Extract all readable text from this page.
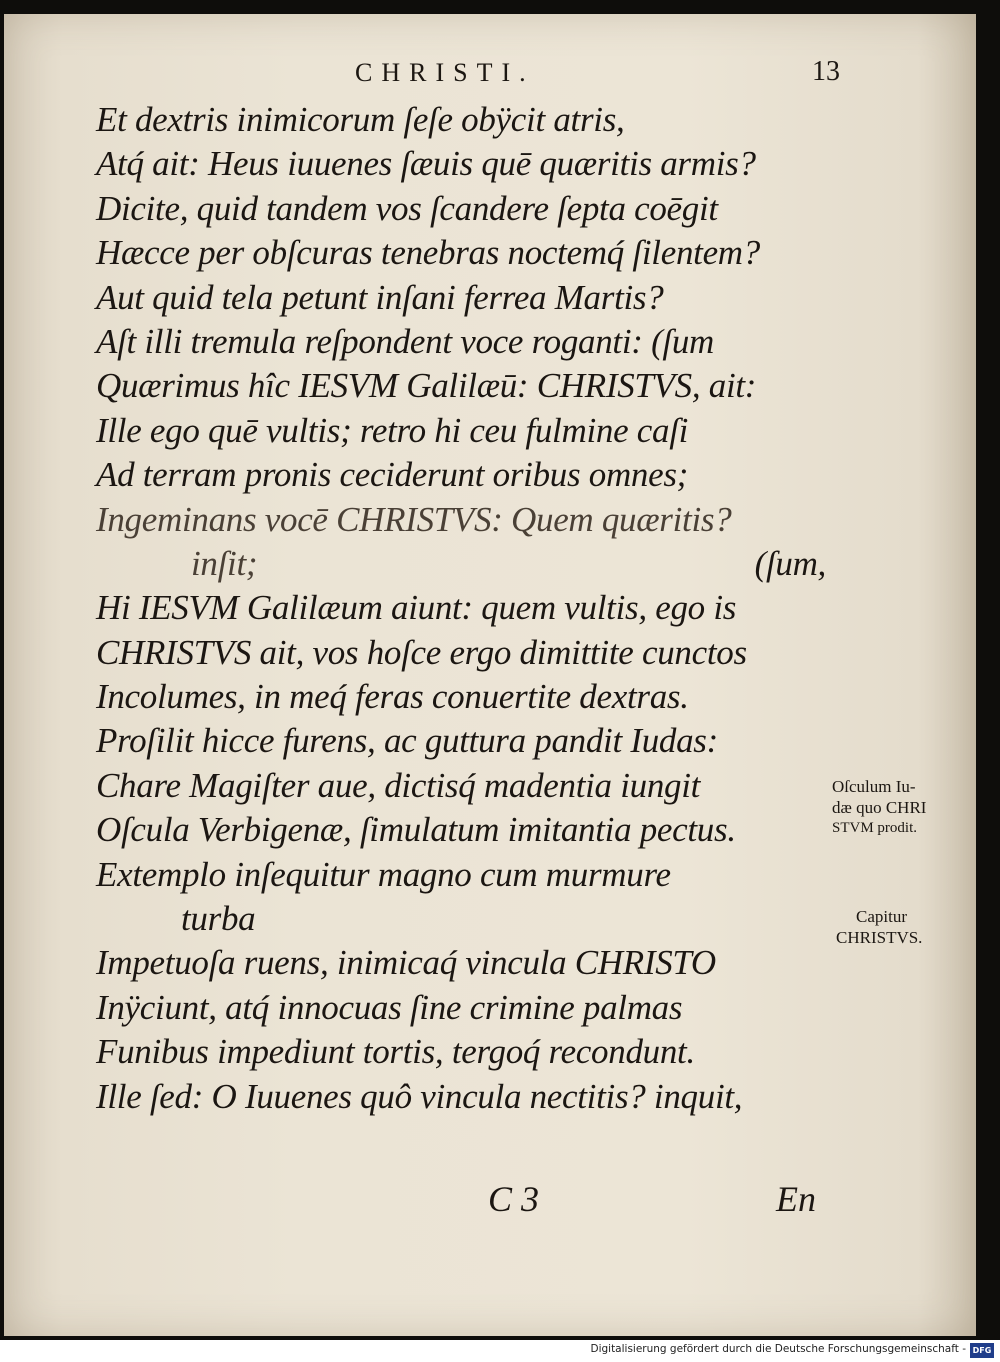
CHRISTI.	13
Et dextris inimicorum ſeſe obÿcit atris,
Atq́ ait: Heus iuuenes ſæuis quē quæritis armis?
Dicite, quid tandem vos ſcandere ſepta coēgit
Hæcce per obſcuras tenebras noctemq́ ſilentem?
Aut quid tela petunt inſani ferrea Martis?
Aſt illi tremula reſpondent voce roganti: (ſum
Quærimus hîc IESVM Galilæū: CHRISTVS, ait:
Ille ego quē vultis; retro hi ceu fulmine caſi
Ad terram pronis ceciderunt oribus omnes;
Ingeminans vocē CHRISTVS: Quem quæritis?
inſit;	(ſum,
Hi IESVM Galilæum aiunt: quem vultis, ego is
CHRISTVS ait, vos hoſce ergo dimittite cunctos
Incolumes, in meq́ feras conuertite dextras.
Proſilit hicce furens, ac guttura pandit Iudas:
Chare Magiſter aue, dictisq́ madentia iungit
Oſcula Verbigenæ, ſimulatum imitantia pectus.
Extemplo inſequitur magno cum murmure
turba
Impetuoſa ruens, inimicaq́ vincula CHRISTO
Inÿciunt, atq́ innocuas ſine crimine palmas
Funibus impediunt tortis, tergoq́ recondunt.
Ille ſed: O Iuuenes quô vincula nectitis? inquit,
Oſculum Iu-
dæ quo CHRI
STVM prodit.
Capitur
CHRISTVS.
C 3	En
Digitalisierung gefördert durch die Deutsche Forschungsgemeinschaft - DFG
